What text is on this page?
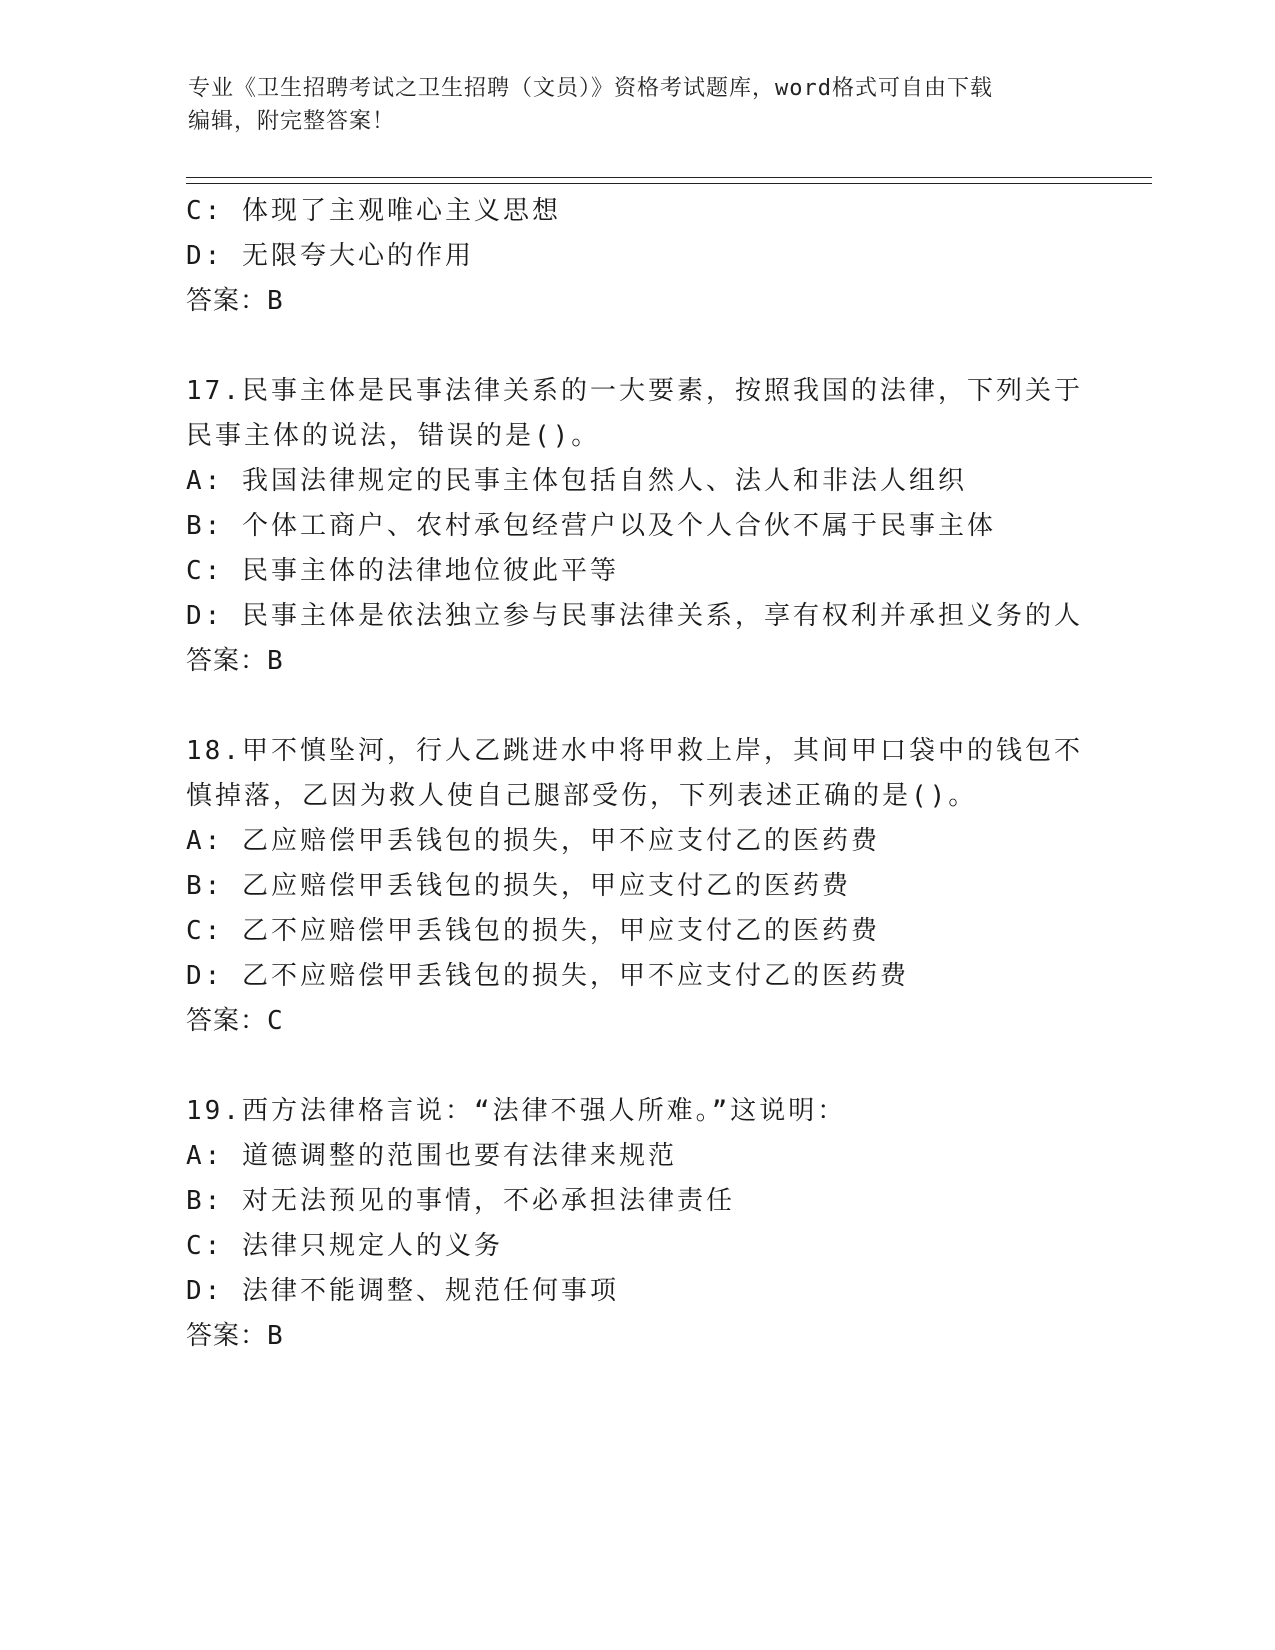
专业《卫生招聘考试之卫生招聘（文员）》资格考试题库，word格式可自由下载
编辑，附完整答案！
C: 体现了主观唯心主义思想
D: 无限夸大心的作用
答案：B
17.民事主体是民事法律关系的一大要素，按照我国的法律，下列关于
民事主体的说法，错误的是()。
A: 我国法律规定的民事主体包括自然人、法人和非法人组织
B: 个体工商户、农村承包经营户以及个人合伙不属于民事主体
C: 民事主体的法律地位彼此平等
D: 民事主体是依法独立参与民事法律关系，享有权利并承担义务的人
答案：B
18.甲不慎坠河，行人乙跳进水中将甲救上岸，其间甲口袋中的钱包不
慎掉落，乙因为救人使自己腿部受伤，下列表述正确的是()。
A: 乙应赔偿甲丢钱包的损失，甲不应支付乙的医药费
B: 乙应赔偿甲丢钱包的损失，甲应支付乙的医药费
C: 乙不应赔偿甲丢钱包的损失，甲应支付乙的医药费
D: 乙不应赔偿甲丢钱包的损失，甲不应支付乙的医药费
答案：C
19.西方法律格言说：“法律不强人所难。”这说明：
A: 道德调整的范围也要有法律来规范
B: 对无法预见的事情，不必承担法律责任
C: 法律只规定人的义务
D: 法律不能调整、规范任何事项
答案：B
